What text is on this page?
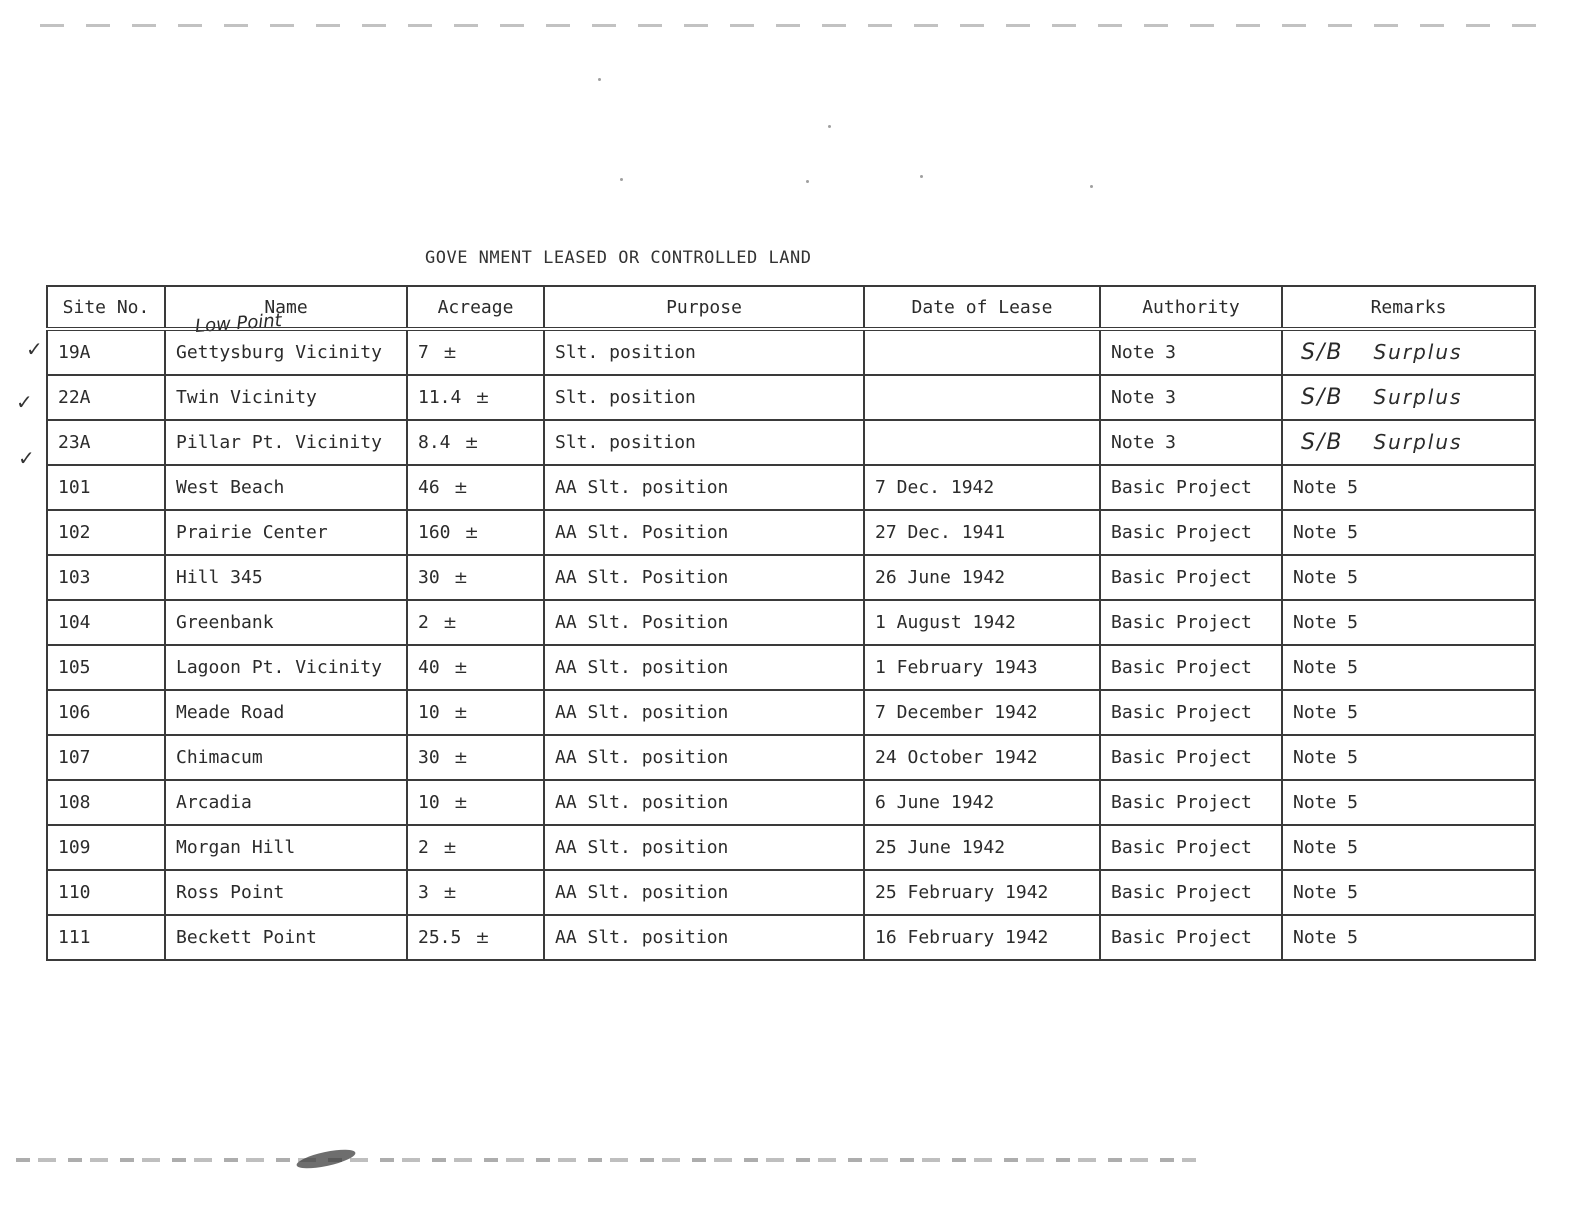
GOVE NMENT LEASED OR CONTROLLED LAND
✓
✓
✓
Low Point
Site No.	Name	Acreage	Purpose	Date of Lease	Authority	Remarks
19A	Gettysburg Vicinity	7 ±	Slt. position		Note 3	S/B Surplus
22A	Twin Vicinity	11.4 ±	Slt. position		Note 3	S/B Surplus
23A	Pillar Pt. Vicinity	8.4 ±	Slt. position		Note 3	S/B Surplus
101	West Beach	46 ±	AA Slt. position	7 Dec. 1942	Basic Project	Note 5
102	Prairie Center	160 ±	AA Slt. Position	27 Dec. 1941	Basic Project	Note 5
103	Hill 345	30 ±	AA Slt. Position	26 June 1942	Basic Project	Note 5
104	Greenbank	2 ±	AA Slt. Position	1 August 1942	Basic Project	Note 5
105	Lagoon Pt. Vicinity	40 ±	AA Slt. position	1 February 1943	Basic Project	Note 5
106	Meade Road	10 ±	AA Slt. position	7 December 1942	Basic Project	Note 5
107	Chimacum	30 ±	AA Slt. position	24 October 1942	Basic Project	Note 5
108	Arcadia	10 ±	AA Slt. position	6 June 1942	Basic Project	Note 5
109	Morgan Hill	2 ±	AA Slt. position	25 June 1942	Basic Project	Note 5
110	Ross Point	3 ±	AA Slt. position	25 February 1942	Basic Project	Note 5
111	Beckett Point	25.5 ±	AA Slt. position	16 February 1942	Basic Project	Note 5
